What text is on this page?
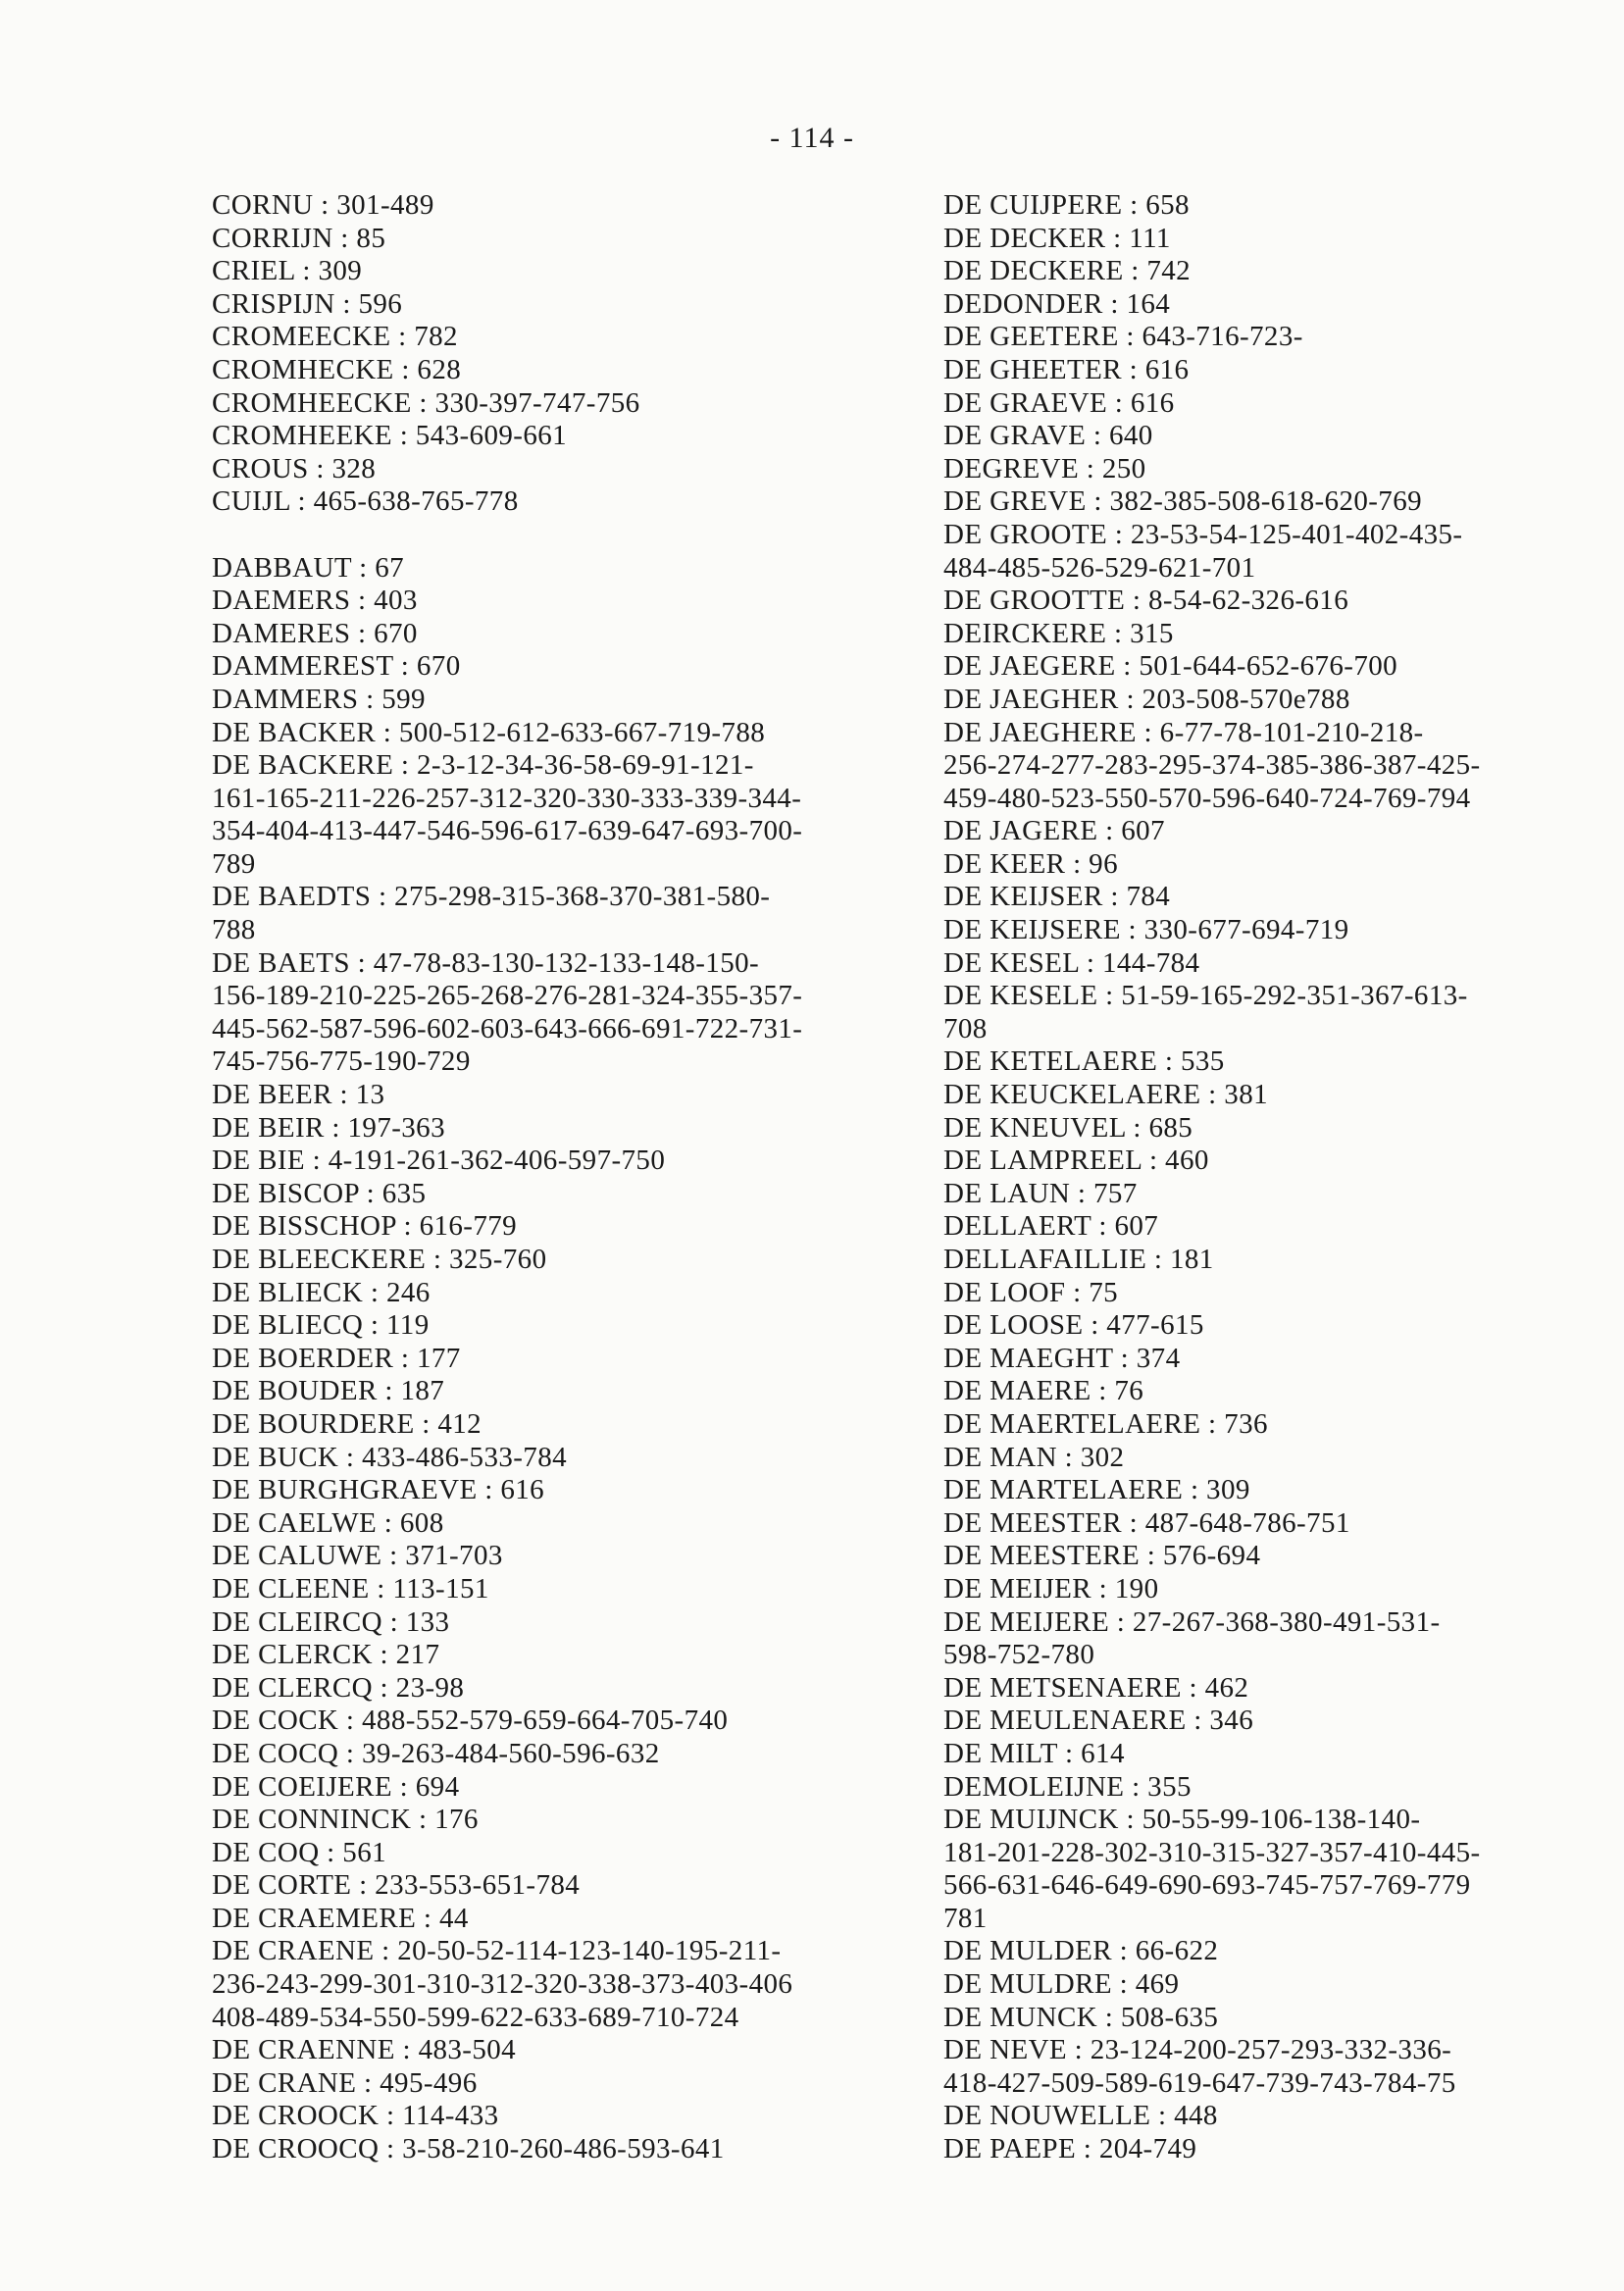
- 114 -
CORNU : 301-489
CORRIJN : 85
CRIEL : 309
CRISPIJN : 596
CROMEECKE : 782
CROMHECKE : 628
CROMHEECKE : 330-397-747-756
CROMHEEKE : 543-609-661
CROUS : 328
CUIJL : 465-638-765-778
DABBAUT : 67
DAEMERS : 403
DAMERES : 670
DAMMEREST : 670
DAMMERS : 599
DE BACKER : 500-512-612-633-667-719-788
DE BACKERE : 2-3-12-34-36-58-69-91-121-
161-165-211-226-257-312-320-330-333-339-344-
354-404-413-447-546-596-617-639-647-693-700-
789
DE BAEDTS : 275-298-315-368-370-381-580-
788
DE BAETS : 47-78-83-130-132-133-148-150-
156-189-210-225-265-268-276-281-324-355-357-
445-562-587-596-602-603-643-666-691-722-731-
745-756-775-190-729
DE BEER : 13
DE BEIR : 197-363
DE BIE : 4-191-261-362-406-597-750
DE BISCOP : 635
DE BISSCHOP : 616-779
DE BLEECKERE : 325-760
DE BLIECK : 246
DE BLIECQ : 119
DE BOERDER : 177
DE BOUDER : 187
DE BOURDERE : 412
DE BUCK : 433-486-533-784
DE BURGHGRAEVE : 616
DE CAELWE : 608
DE CALUWE : 371-703
DE CLEENE : 113-151
DE CLEIRCQ : 133
DE CLERCK : 217
DE CLERCQ : 23-98
DE COCK : 488-552-579-659-664-705-740
DE COCQ : 39-263-484-560-596-632
DE COEIJERE : 694
DE CONNINCK : 176
DE COQ : 561
DE CORTE : 233-553-651-784
DE CRAEMERE : 44
DE CRAENE : 20-50-52-114-123-140-195-211-
236-243-299-301-310-312-320-338-373-403-406
408-489-534-550-599-622-633-689-710-724
DE CRAENNE : 483-504
DE CRANE : 495-496
DE CROOCK : 114-433
DE CROOCQ : 3-58-210-260-486-593-641
DE CUIJPERE : 658
DE DECKER : 111
DE DECKERE : 742
DEDONDER : 164
DE GEETERE : 643-716-723-
DE GHEETER : 616
DE GRAEVE : 616
DE GRAVE : 640
DEGREVE : 250
DE GREVE : 382-385-508-618-620-769
DE GROOTE : 23-53-54-125-401-402-435-
484-485-526-529-621-701
DE GROOTTE : 8-54-62-326-616
DEIRCKERE : 315
DE JAEGERE : 501-644-652-676-700
DE JAEGHER : 203-508-570e788
DE JAEGHERE : 6-77-78-101-210-218-
256-274-277-283-295-374-385-386-387-425-
459-480-523-550-570-596-640-724-769-794
DE JAGERE : 607
DE KEER : 96
DE KEIJSER : 784
DE KEIJSERE : 330-677-694-719
DE KESEL : 144-784
DE KESELE : 51-59-165-292-351-367-613-
708
DE KETELAERE : 535
DE KEUCKELAERE : 381
DE KNEUVEL : 685
DE LAMPREEL : 460
DE LAUN : 757
DELLAERT : 607
DELLAFAILLIE : 181
DE LOOF : 75
DE LOOSE : 477-615
DE MAEGHT : 374
DE MAERE : 76
DE MAERTELAERE : 736
DE MAN : 302
DE MARTELAERE : 309
DE MEESTER : 487-648-786-751
DE MEESTERE : 576-694
DE MEIJER : 190
DE MEIJERE : 27-267-368-380-491-531-
598-752-780
DE METSENAERE : 462
DE MEULENAERE : 346
DE MILT : 614
DEMOLEIJNE : 355
DE MUIJNCK : 50-55-99-106-138-140-
181-201-228-302-310-315-327-357-410-445-
566-631-646-649-690-693-745-757-769-779
781
DE MULDER : 66-622
DE MULDRE : 469
DE MUNCK : 508-635
DE NEVE : 23-124-200-257-293-332-336-
418-427-509-589-619-647-739-743-784-75
DE NOUWELLE : 448
DE PAEPE : 204-749
